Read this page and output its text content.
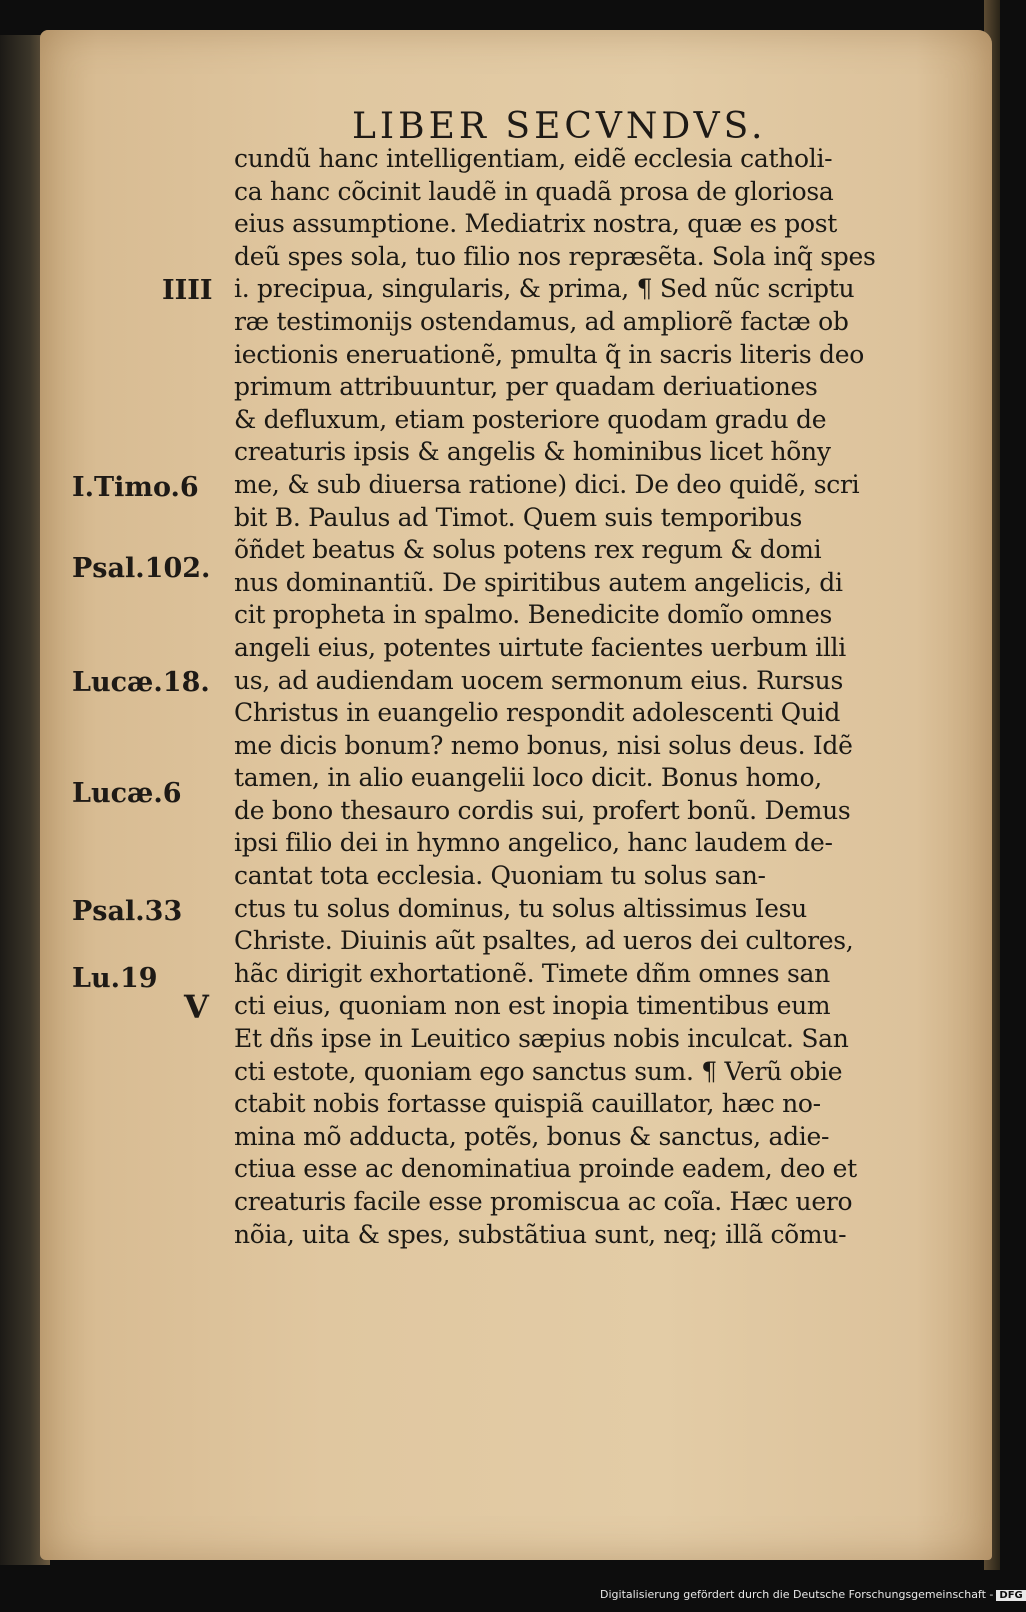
LIBER SECVNDVS.
cundũ hanc intelligentiam, eidẽ ecclesia catholi-
ca hanc cõcinit laudẽ in quadã prosa de gloriosa
eius assumptione. Mediatrix nostra, quæ es post
deũ spes sola, tuo filio nos repræsẽta. Sola inq̃ spes
i. precipua, singularis, & prima, ¶ Sed nũc scriptu
ræ testimonijs ostendamus, ad ampliorẽ factæ ob
iectionis eneruationẽ, pmulta q̃ in sacris literis deo
primum attribuuntur, per quadam deriuationes
& defluxum, etiam posteriore quodam gradu de
creaturis ipsis & angelis & hominibus licet hõny
me, & sub diuersa ratione) dici. De deo quidẽ, scri
bit B. Paulus ad Timot. Quem suis temporibus
õñdet beatus & solus potens rex regum & domi
nus dominantiũ. De spiritibus autem angelicis, di
cit propheta in spalmo. Benedicite domĩo omnes
angeli eius, potentes uirtute facientes uerbum illi
us, ad audiendam uocem sermonum eius. Rursus
Christus in euangelio respondit adolescenti Quid
me dicis bonum? nemo bonus, nisi solus deus. Idẽ
tamen, in alio euangelii loco dicit. Bonus homo,
de bono thesauro cordis sui, profert bonũ. Demus
ipsi filio dei in hymno angelico, hanc laudem de-
cantat tota ecclesia. Quoniam tu solus san-
ctus tu solus dominus, tu solus altissimus Iesu
Christe. Diuinis aũt psaltes, ad ueros dei cultores,
hãc dirigit exhortationẽ. Timete dñm omnes san
cti eius, quoniam non est inopia timentibus eum
Et dñs ipse in Leuitico sæpius nobis inculcat. San
cti estote, quoniam ego sanctus sum. ¶ Verũ obie
ctabit nobis fortasse quispiã cauillator, hæc no-
mina mõ adducta, potẽs, bonus & sanctus, adie-
ctiua esse ac denominatiua proinde eadem, deo et
creaturis facile esse promiscua ac coĩa. Hæc uero
nõia, uita & spes, substãtiua sunt, neq; illã cõmu-
IIII
I.Timo.6
Psal.102.
Lucæ.18.
Lucæ.6
Psal.33
Lu.19
V
Digitalisierung gefördert durch die Deutsche Forschungsgemeinschaft - DFG
